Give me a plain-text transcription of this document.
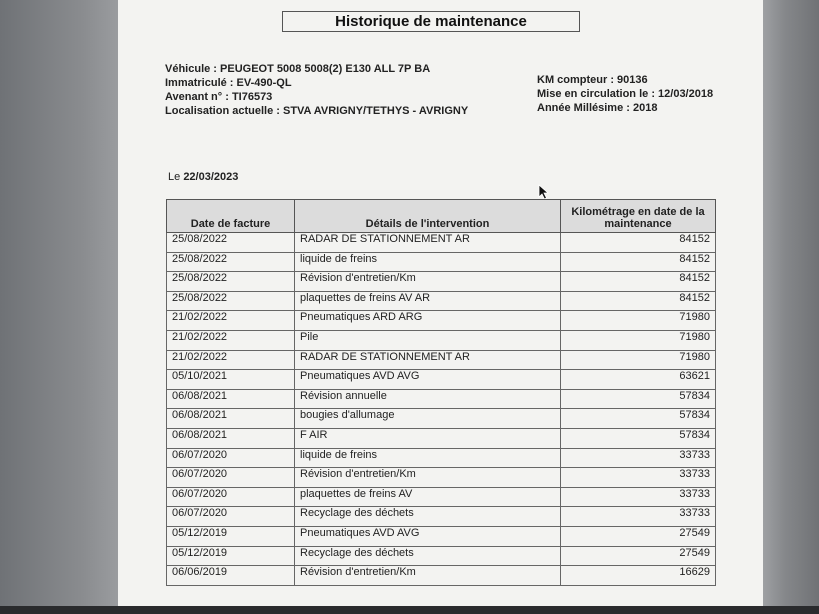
Historique de maintenance
Véhicule : PEUGEOT 5008 5008(2) E130 ALL 7P BA
Immatriculé : EV-490-QL
Avenant n° : TI76573
Localisation actuelle : STVA AVRIGNY/TETHYS - AVRIGNY
KM compteur : 90136
Mise en circulation le : 12/03/2018
Année Millésime : 2018
Le 22/03/2023
Date de facture	Détails de l'intervention	Kilométrage en date de la maintenance
25/08/2022	RADAR DE STATIONNEMENT AR	84152
25/08/2022	liquide de freins	84152
25/08/2022	Révision d'entretien/Km	84152
25/08/2022	plaquettes de freins AV AR	84152
21/02/2022	Pneumatiques ARD ARG	71980
21/02/2022	Pile	71980
21/02/2022	RADAR DE STATIONNEMENT AR	71980
05/10/2021	Pneumatiques AVD AVG	63621
06/08/2021	Révision annuelle	57834
06/08/2021	bougies d'allumage	57834
06/08/2021	F AIR	57834
06/07/2020	liquide de freins	33733
06/07/2020	Révision d'entretien/Km	33733
06/07/2020	plaquettes de freins AV	33733
06/07/2020	Recyclage des déchets	33733
05/12/2019	Pneumatiques AVD AVG	27549
05/12/2019	Recyclage des déchets	27549
06/06/2019	Révision d'entretien/Km	16629
